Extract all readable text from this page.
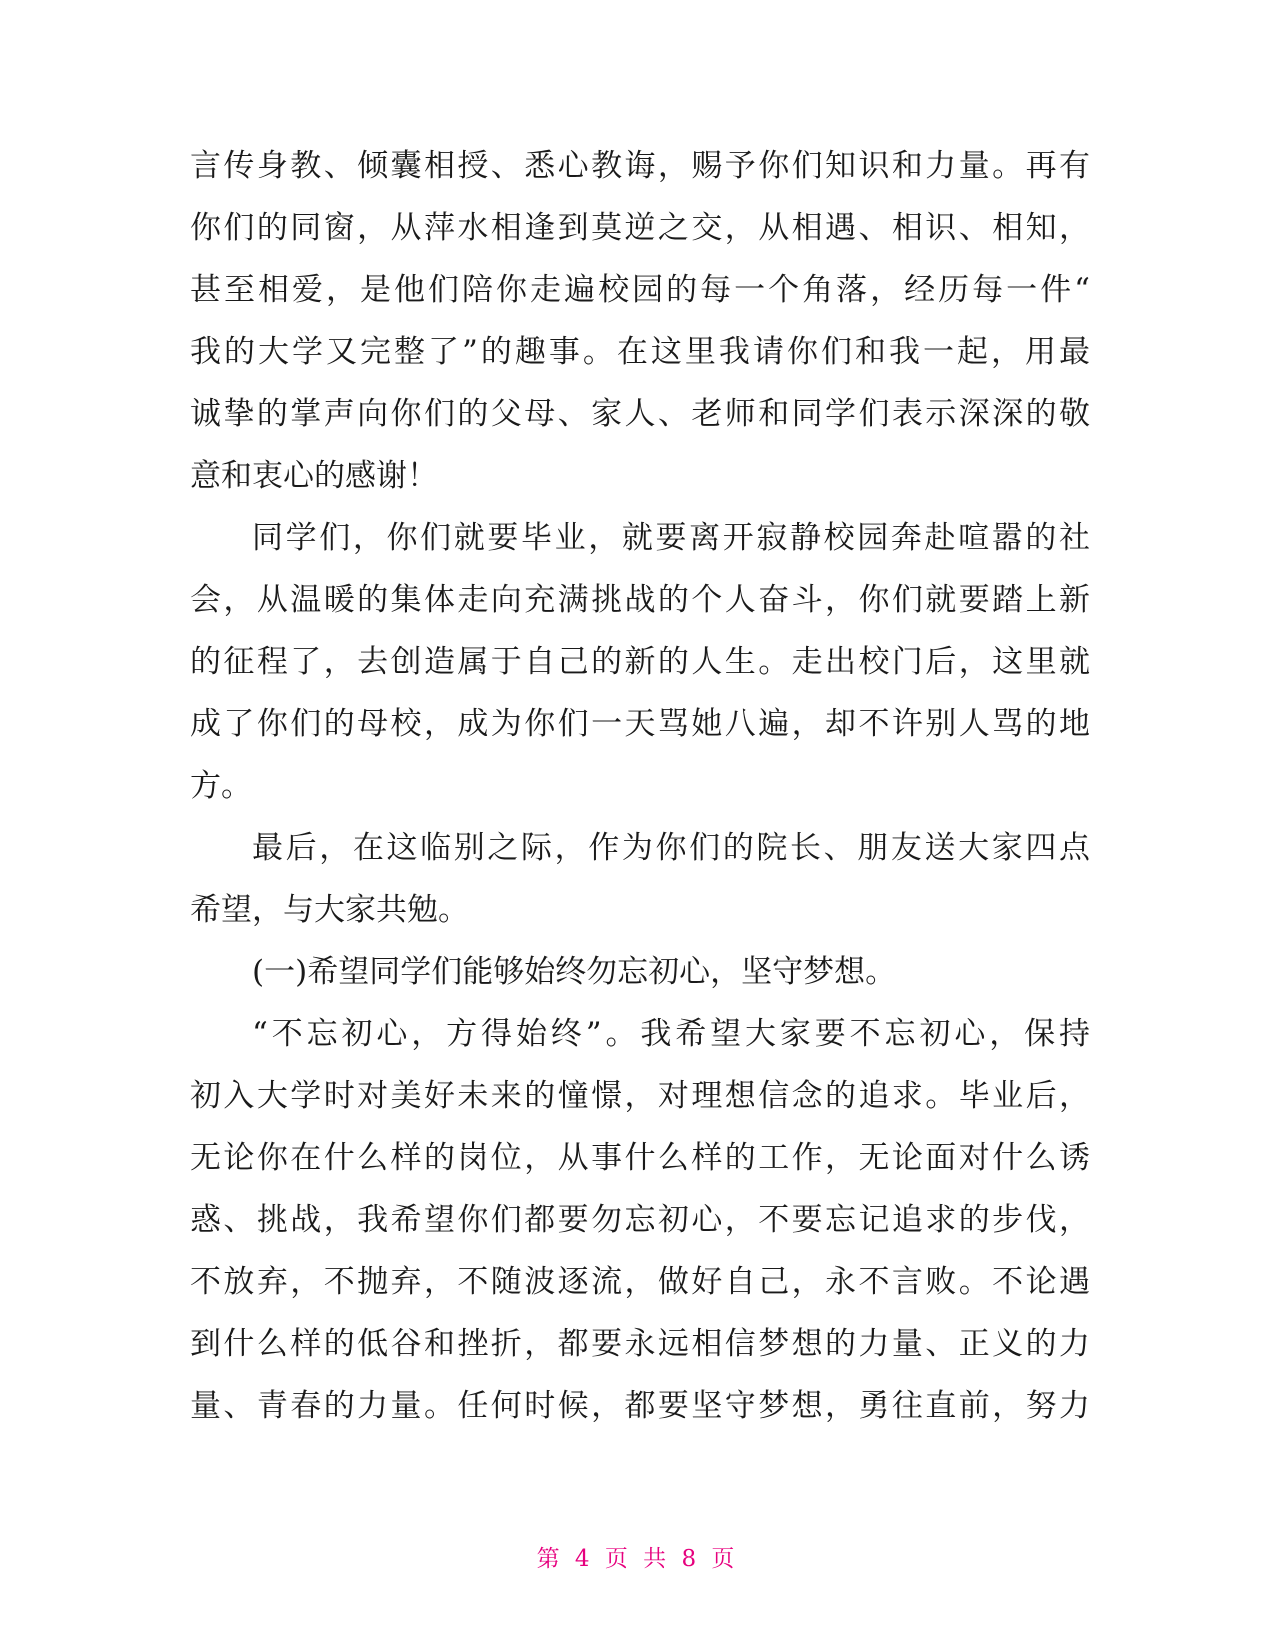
言传身教、倾囊相授、悉心教诲，赐予你们知识和力量。再有

你们的同窗，从萍水相逢到莫逆之交，从相遇、相识、相知，

甚至相爱，是他们陪你走遍校园的每一个角落，经历每一件“

我的大学又完整了”的趣事。在这里我请你们和我一起，用最

诚挚的掌声向你们的父母、家人、老师和同学们表示深深的敬

意和衷心的感谢！

同学们，你们就要毕业，就要离开寂静校园奔赴喧嚣的社

会，从温暖的集体走向充满挑战的个人奋斗，你们就要踏上新

的征程了，去创造属于自己的新的人生。走出校门后，这里就

成了你们的母校，成为你们一天骂她八遍，却不许别人骂的地

方。

最后，在这临别之际，作为你们的院长、朋友送大家四点

希望，与大家共勉。

(一)希望同学们能够始终勿忘初心，坚守梦想。

“不忘初心，方得始终”。我希望大家要不忘初心，保持

初入大学时对美好未来的憧憬，对理想信念的追求。毕业后，

无论你在什么样的岗位，从事什么样的工作，无论面对什么诱

惑、挑战，我希望你们都要勿忘初心，不要忘记追求的步伐，

不放弃，不抛弃，不随波逐流，做好自己，永不言败。不论遇

到什么样的低谷和挫折，都要永远相信梦想的力量、正义的力

量、青春的力量。任何时候，都要坚守梦想，勇往直前，努力

第 4 页 共 8 页
